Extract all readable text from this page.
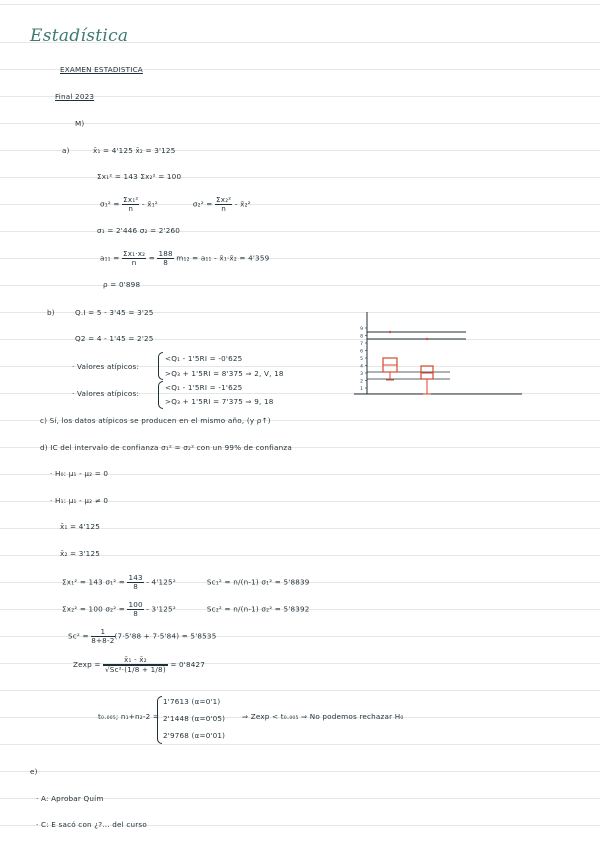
Estadística
EXAMEN ESTADISTICA
Final 2023
M)
a)	x̄₁ = 4'125 x̄₂ = 3'125
Σx₁² = 143 Σx₂² = 100
$\sigma_1^2 = \frac{\text{Σx₁²}}{n}$ - x̄₁²	$\sigma_2^2 = \frac{\text{Σx₂²}}{n}$ - x̄₂²
σ₁ = 2'446 σ₂ = 2'260
$a_{11} = \frac{\text{Σx₁·x₂}}{n} = \frac{188}{8} m_{12} = a_{11}$ - x̄₁·x̄₂ = 4'359
ρ = 0'898
b)	Q.I = 5 - 3'45 = 3'25
Q2 = 4 - 1'45 = 2'25
· Valores atípicos:
<Q₁ - 1'5RI = -0'625
>Q₃ + 1'5RI = 8'375 ⇒ 2, V, 18
· Valores atípicos:
<Q₁ - 1'5RI = -1'625
>Q₃ + 1'5RI = 7'375 ⇒ 9, 18
1
2
3
4
5
6
7
8
9
c) Sí, los datos atípicos se producen en el mismo año, (y ρ↑)
d) IC del intervalo de confianza σ₁² = σ₂² con un 99% de confianza
· H₀: μ₁ - μ₂ = 0
· H₁: μ₁ - μ₂ ≠ 0
x̄₁ = 4'125
x̄₂ = 3'125
Σx₁² = 143 $\sigma_1^2 = \frac{143}{8} - 4'125^2$	Sc₁² = n/(n-1) σ₁² = 5'8839
Σx₂² = 100 $\sigma_2^2 = \frac{100}{8} - 3'125^2$	Sc₂² = n/(n-1) σ₂² = 5'8392
$Sc^2 = \frac{1}{8+8-2} (7\cdot 5'88 + 7\cdot 5'84) = 5'8535$
$Zexp = \frac{\text{x̄₁ - x̄₂}}{\text{√Sc²·(1/8 + 1/8)}} = 0'8427$
t₀.₀₀₅; n₁+n₂-2 =
1'7613 (α=0'1)
2'1448 (α=0'05)
2'9768 (α=0'01)
⇒ Zexp < t₀.₀₀₅ ⇒ No podemos rechazar H₀
e)
· A: Aprobar Quím
· C: E sacó con ¿?... del curso
